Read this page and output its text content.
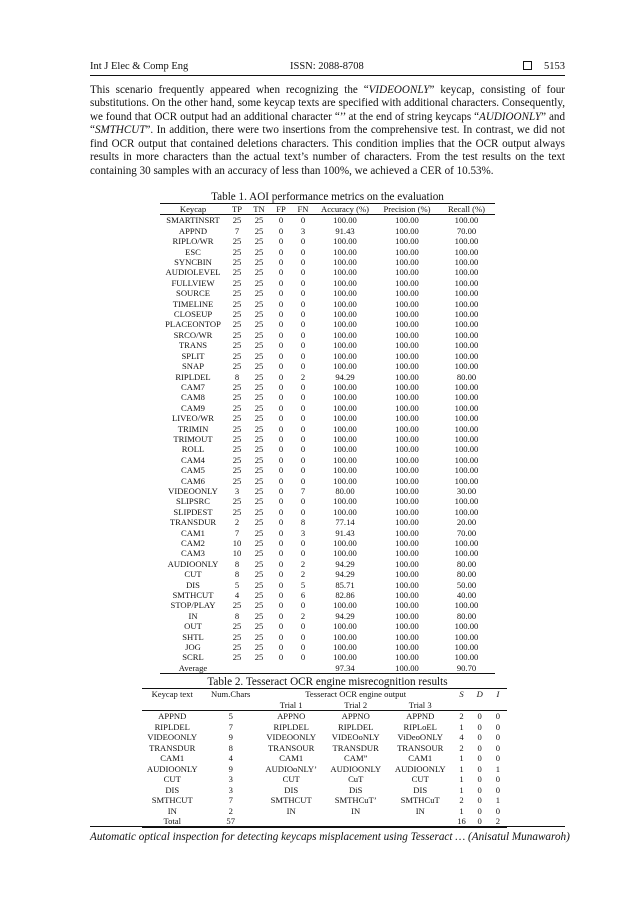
Int J Elec & Comp Eng	ISSN: 2088-8708	5153
This scenario frequently appeared when recognizing the “VIDEOONLY” keycap, consisting of four substitutions. On the other hand, some keycap texts are specified with additional characters. Consequently, we found that OCR output had an additional character “’’ at the end of string keycaps “AUDIOONLY” and “SMTHCUT”. In addition, there were two insertions from the comprehensive test. In contrast, we did not find OCR output that contained deletions characters. This condition implies that the OCR output always results in more characters than the actual text’s number of characters. From the test results on the text containing 30 samples with an accuracy of less than 100%, we achieved a CER of 10.53%.
Table 1. AOI performance metrics on the evaluation
Keycap	TP	TN	FP	FN	Accuracy (%)	Precision (%)	Recall (%)
SMARTINSRT	25	25	0	0	100.00	100.00	100.00
APPND	7	25	0	3	91.43	100.00	70.00
RIPLO/WR	25	25	0	0	100.00	100.00	100.00
ESC	25	25	0	0	100.00	100.00	100.00
SYNCBIN	25	25	0	0	100.00	100.00	100.00
AUDIOLEVEL	25	25	0	0	100.00	100.00	100.00
FULLVIEW	25	25	0	0	100.00	100.00	100.00
SOURCE	25	25	0	0	100.00	100.00	100.00
TIMELINE	25	25	0	0	100.00	100.00	100.00
CLOSEUP	25	25	0	0	100.00	100.00	100.00
PLACEONTOP	25	25	0	0	100.00	100.00	100.00
SRCO/WR	25	25	0	0	100.00	100.00	100.00
TRANS	25	25	0	0	100.00	100.00	100.00
SPLIT	25	25	0	0	100.00	100.00	100.00
SNAP	25	25	0	0	100.00	100.00	100.00
RIPLDEL	8	25	0	2	94.29	100.00	80.00
CAM7	25	25	0	0	100.00	100.00	100.00
CAM8	25	25	0	0	100.00	100.00	100.00
CAM9	25	25	0	0	100.00	100.00	100.00
LIVEO/WR	25	25	0	0	100.00	100.00	100.00
TRIMIN	25	25	0	0	100.00	100.00	100.00
TRIMOUT	25	25	0	0	100.00	100.00	100.00
ROLL	25	25	0	0	100.00	100.00	100.00
CAM4	25	25	0	0	100.00	100.00	100.00
CAM5	25	25	0	0	100.00	100.00	100.00
CAM6	25	25	0	0	100.00	100.00	100.00
VIDEOONLY	3	25	0	7	80.00	100.00	30.00
SLIPSRC	25	25	0	0	100.00	100.00	100.00
SLIPDEST	25	25	0	0	100.00	100.00	100.00
TRANSDUR	2	25	0	8	77.14	100.00	20.00
CAM1	7	25	0	3	91.43	100.00	70.00
CAM2	10	25	0	0	100.00	100.00	100.00
CAM3	10	25	0	0	100.00	100.00	100.00
AUDIOONLY	8	25	0	2	94.29	100.00	80.00
CUT	8	25	0	2	94.29	100.00	80.00
DIS	5	25	0	5	85.71	100.00	50.00
SMTHCUT	4	25	0	6	82.86	100.00	40.00
STOP/PLAY	25	25	0	0	100.00	100.00	100.00
IN	8	25	0	2	94.29	100.00	80.00
OUT	25	25	0	0	100.00	100.00	100.00
SHTL	25	25	0	0	100.00	100.00	100.00
JOG	25	25	0	0	100.00	100.00	100.00
SCRL	25	25	0	0	100.00	100.00	100.00
Average					97.34	100.00	90.70
Table 2. Tesseract OCR engine misrecognition results
Keycap text	Num.Chars	Tesseract OCR engine output			S	D	I
		Trial 1	Trial 2	Trial 3			
APPND	5	APPNO	APPNO	APPND	2	0	0
RIPLDEL	7	RIPLDEL	RIPLDEL	RIPLoEL	1	0	0
VIDEOONLY	9	VIDEOONLY	VIDEOoNLY	ViDeoONLY	4	0	0
TRANSDUR	8	TRANSOUR	TRANSDUR	TRANSOUR	2	0	0
CAM1	4	CAM1	CAM”	CAM1	1	0	0
AUDIOONLY	9	AUDIOoNLY’	AUDIOONLY	AUDIOONLY	1	0	1
CUT	3	CUT	CuT	CUT	1	0	0
DIS	3	DIS	DiS	DIS	1	0	0
SMTHCUT	7	SMTHCUT	SMTHCuT’	SMTHCuT	2	0	1
IN	2	IN	IN	IN	1	0	0
Total	57				16	0	2
Automatic optical inspection for detecting keycaps misplacement using Tesseract … (Anisatul Munawaroh)
